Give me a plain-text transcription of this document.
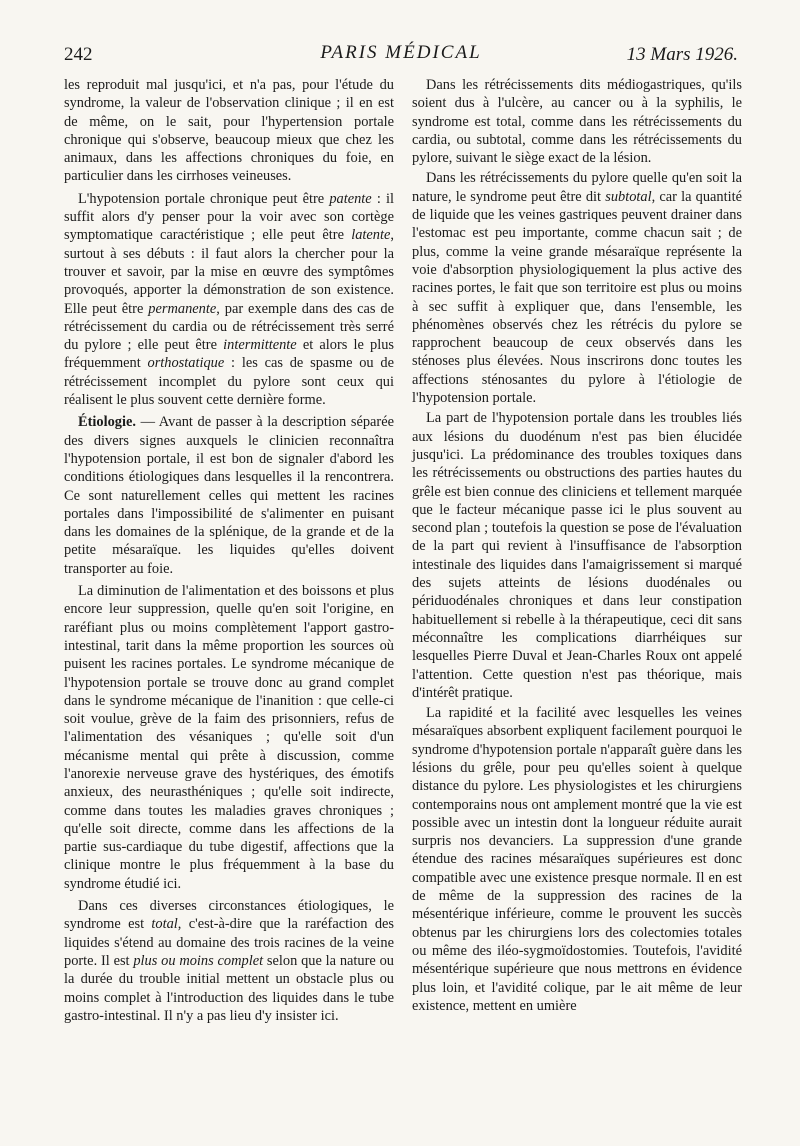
242	PARIS MÉDICAL	13 Mars 1926.

les reproduit mal jusqu'ici, et n'a pas, pour l'étude du syndrome, la valeur de l'observation clinique ; il en est de même, on le sait, pour l'hypertension portale chronique qui s'observe, beaucoup mieux que chez les animaux, dans les affections chroniques du foie, en particulier dans les cirrhoses veineuses.

L'hypotension portale chronique peut être patente : il suffit alors d'y penser pour la voir avec son cortège symptomatique caractéristique ; elle peut être latente, surtout à ses débuts : il faut alors la chercher pour la trouver et savoir, par la mise en œuvre des symptômes provoqués, apporter la démonstration de son existence. Elle peut être permanente, par exemple dans des cas de rétrécissement du cardia ou de rétrécissement très serré du pylore ; elle peut être intermittente et alors le plus fréquemment orthostatique : les cas de spasme ou de rétrécissement incomplet du pylore sont ceux qui réalisent le plus souvent cette dernière forme.

Étiologie. — Avant de passer à la description séparée des divers signes auxquels le clinicien reconnaîtra l'hypotension portale, il est bon de signaler d'abord les conditions étiologiques dans lesquelles il la rencontrera. Ce sont naturellement celles qui mettent les racines portales dans l'impossibilité de s'alimenter en puisant dans les domaines de la splénique, de la grande et de la petite mésaraïque. les liquides qu'elles doivent transporter au foie.

La diminution de l'alimentation et des boissons et plus encore leur suppression, quelle qu'en soit l'origine, en raréfiant plus ou moins complètement l'apport gastro-intestinal, tarit dans la même proportion les sources où puisent les racines portales. Le syndrome mécanique de l'hypotension portale se trouve donc au grand complet dans le syndrome mécanique de l'inanition : que celle-ci soit voulue, grève de la faim des prisonniers, refus de l'alimentation des vésaniques ; qu'elle soit d'un mécanisme mental qui prête à discussion, comme l'anorexie nerveuse grave des hystériques, des émotifs anxieux, des neurasthéniques ; qu'elle soit indirecte, comme dans toutes les maladies graves chroniques ; qu'elle soit directe, comme dans les affections de la partie sus-cardiaque du tube digestif, affections que la clinique montre le plus fréquemment à la base du syndrome étudié ici.

Dans ces diverses circonstances étiologiques, le syndrome est total, c'est-à-dire que la raréfaction des liquides s'étend au domaine des trois racines de la veine porte. Il est plus ou moins complet selon que la nature ou la durée du trouble initial mettent un obstacle plus ou moins complet à l'introduction des liquides dans le tube gastro-intestinal. Il n'y a pas lieu d'y insister ici.

Dans les rétrécissements dits médiogastriques, qu'ils soient dus à l'ulcère, au cancer ou à la syphilis, le syndrome est total, comme dans les rétrécissements du cardia, ou subtotal, comme dans les rétrécissements du pylore, suivant le siège exact de la lésion.

Dans les rétrécissements du pylore quelle qu'en soit la nature, le syndrome peut être dit subtotal, car la quantité de liquide que les veines gastriques peuvent drainer dans l'estomac est peu importante, comme chacun sait ; de plus, comme la veine grande mésaraïque représente la voie d'absorption physiologiquement la plus active des racines portes, le fait que son territoire est plus ou moins à sec suffit à expliquer que, dans l'ensemble, les phénomènes observés chez les rétrécis du pylore se rapprochent beaucoup de ceux observés dans les sténoses plus élevées. Nous inscrirons donc toutes les affections sténosantes du pylore à l'étiologie de l'hypotension portale.

La part de l'hypotension portale dans les troubles liés aux lésions du duodénum n'est pas bien élucidée jusqu'ici. La prédominance des troubles toxiques dans les rétrécissements ou obstructions des parties hautes du grêle est bien connue des cliniciens et tellement marquée que le facteur mécanique passe ici le plus souvent au second plan ; toutefois la question se pose de l'évaluation de la part qui revient à l'insuffisance de l'absorption intestinale des liquides dans l'amaigrissement si marqué des sujets atteints de lésions duodénales ou périduodénales chroniques et dans leur constipation habituellement si rebelle à la thérapeutique, ceci dit sans méconnaître les complications diarrhéiques sur lesquelles Pierre Duval et Jean-Charles Roux ont appelé l'attention. Cette question n'est pas théorique, mais d'intérêt pratique.

La rapidité et la facilité avec lesquelles les veines mésaraïques absorbent expliquent facilement pourquoi le syndrome d'hypotension portale n'apparaît guère dans les lésions du grêle, pour peu qu'elles soient à quelque distance du pylore. Les physiologistes et les chirurgiens contemporains nous ont amplement montré que la vie est possible avec un intestin dont la longueur réduite aurait surpris nos devanciers. La suppression d'une grande étendue des racines mésaraïques supérieures est donc compatible avec une existence presque normale. Il en est de même de la suppression des racines de la mésentérique inférieure, comme le prouvent les succès obtenus par les chirurgiens lors des colectomies totales ou même des iléo-sygmoïdostomies. Toutefois, l'avidité mésentérique supérieure que nous mettrons en évidence plus loin, et l'avidité colique, par le ait même de leur existence, mettent en umière
